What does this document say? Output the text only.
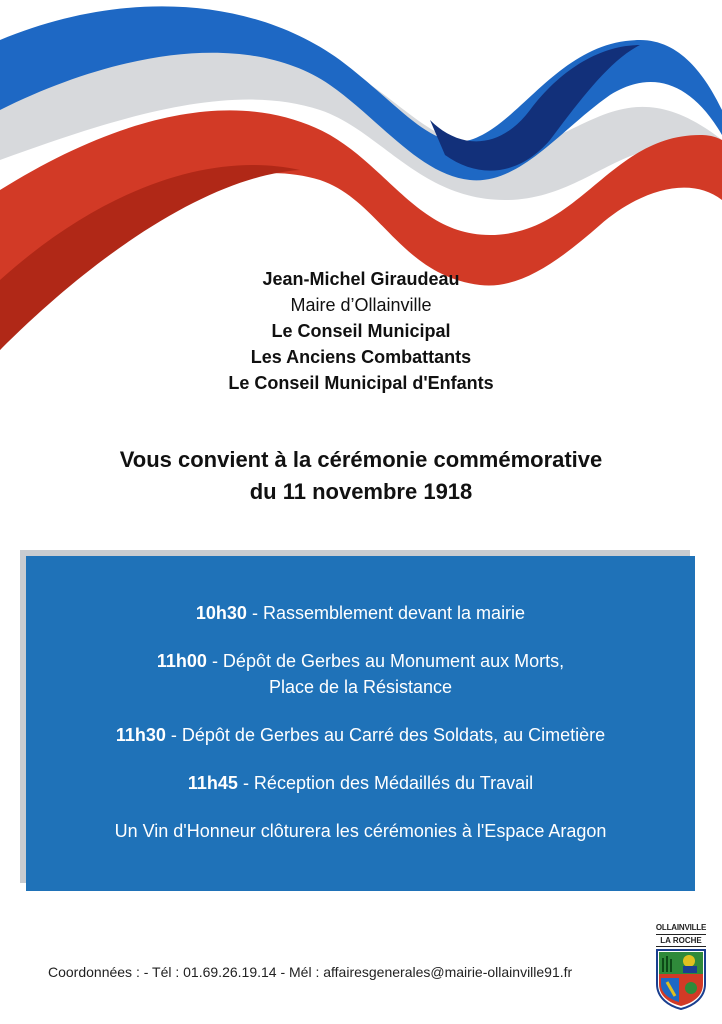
Jean-Michel Giraudeau
Maire d’Ollainville
Le Conseil Municipal
Les Anciens Combattants
Le Conseil Municipal d'Enfants
Vous convient à la cérémonie commémorative
du 11 novembre 1918
10h30 - Rassemblement devant la mairie
11h00 - Dépôt de Gerbes au Monument aux Morts,
Place de la Résistance
11h30 - Dépôt de Gerbes au Carré des Soldats, au Cimetière
11h45 - Réception des Médaillés du Travail
Un Vin d'Honneur clôturera les cérémonies à l'Espace Aragon
Coordonnées : - Tél : 01.69.26.19.14 - Mél : affairesgenerales@mairie-ollainville91.fr
OLLAINVILLE
LA ROCHE
